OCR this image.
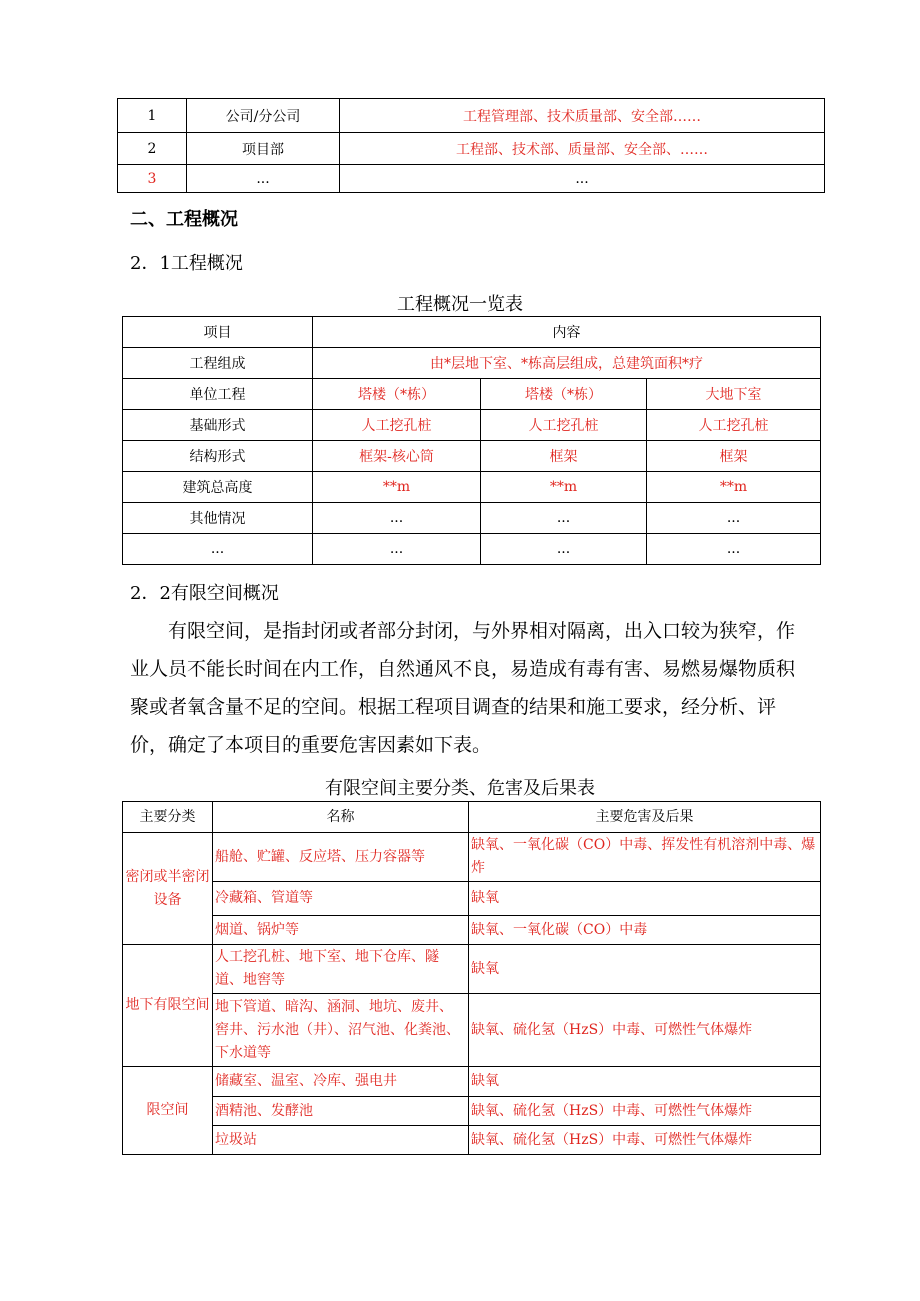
1	公司/分公司	工程管理部、技术质量部、安全部……
2	项目部	工程部、技术部、质量部、安全部、……
3	...	...
二、工程概况
2．1工程概况
工程概况一览表
项目	内容		
工程组成	由*层地下室、*栋高层组成，总建筑面积*疗		
单位工程	塔楼（*栋）	塔楼（*栋）	大地下室
基础形式	人工挖孔桩	人工挖孔桩	人工挖孔桩
结构形式	框架-核心筒	框架	框架
建筑总高度	**m	**m	**m
其他情况	...	...	...
...	...	...	...
2．2有限空间概况
有限空间，是指封闭或者部分封闭，与外界相对隔离，出入口较为狭窄，作业人员不能长时间在内工作，自然通风不良，易造成有毒有害、易燃易爆物质积聚或者氧含量不足的空间。根据工程项目调查的结果和施工要求，经分析、评价，确定了本项目的重要危害因素如下表。
有限空间主要分类、危害及后果表
主要分类	名称	主要危害及后果
密闭或半密闭设备	船舱、贮罐、反应塔、压力容器等	缺氧、一氧化碳（CO）中毒、挥发性有机溶剂中毒、爆炸
	冷藏箱、管道等	缺氧
	烟道、锅炉等	缺氧、一氧化碳（CO）中毒
地下有限空间	人工挖孔桩、地下室、地下仓库、隧道、地窖等	缺氧
	地下管道、暗沟、涵洞、地坑、废井、窖井、污水池（井）、沼气池、化粪池、下水道等	缺氧、硫化氢（HzS）中毒、可燃性气体爆炸
限空间	储藏室、温室、冷库、强电井	缺氧
	酒精池、发酵池	缺氧、硫化氢（HzS）中毒、可燃性气体爆炸
	垃圾站	缺氧、硫化氢（HzS）中毒、可燃性气体爆炸
